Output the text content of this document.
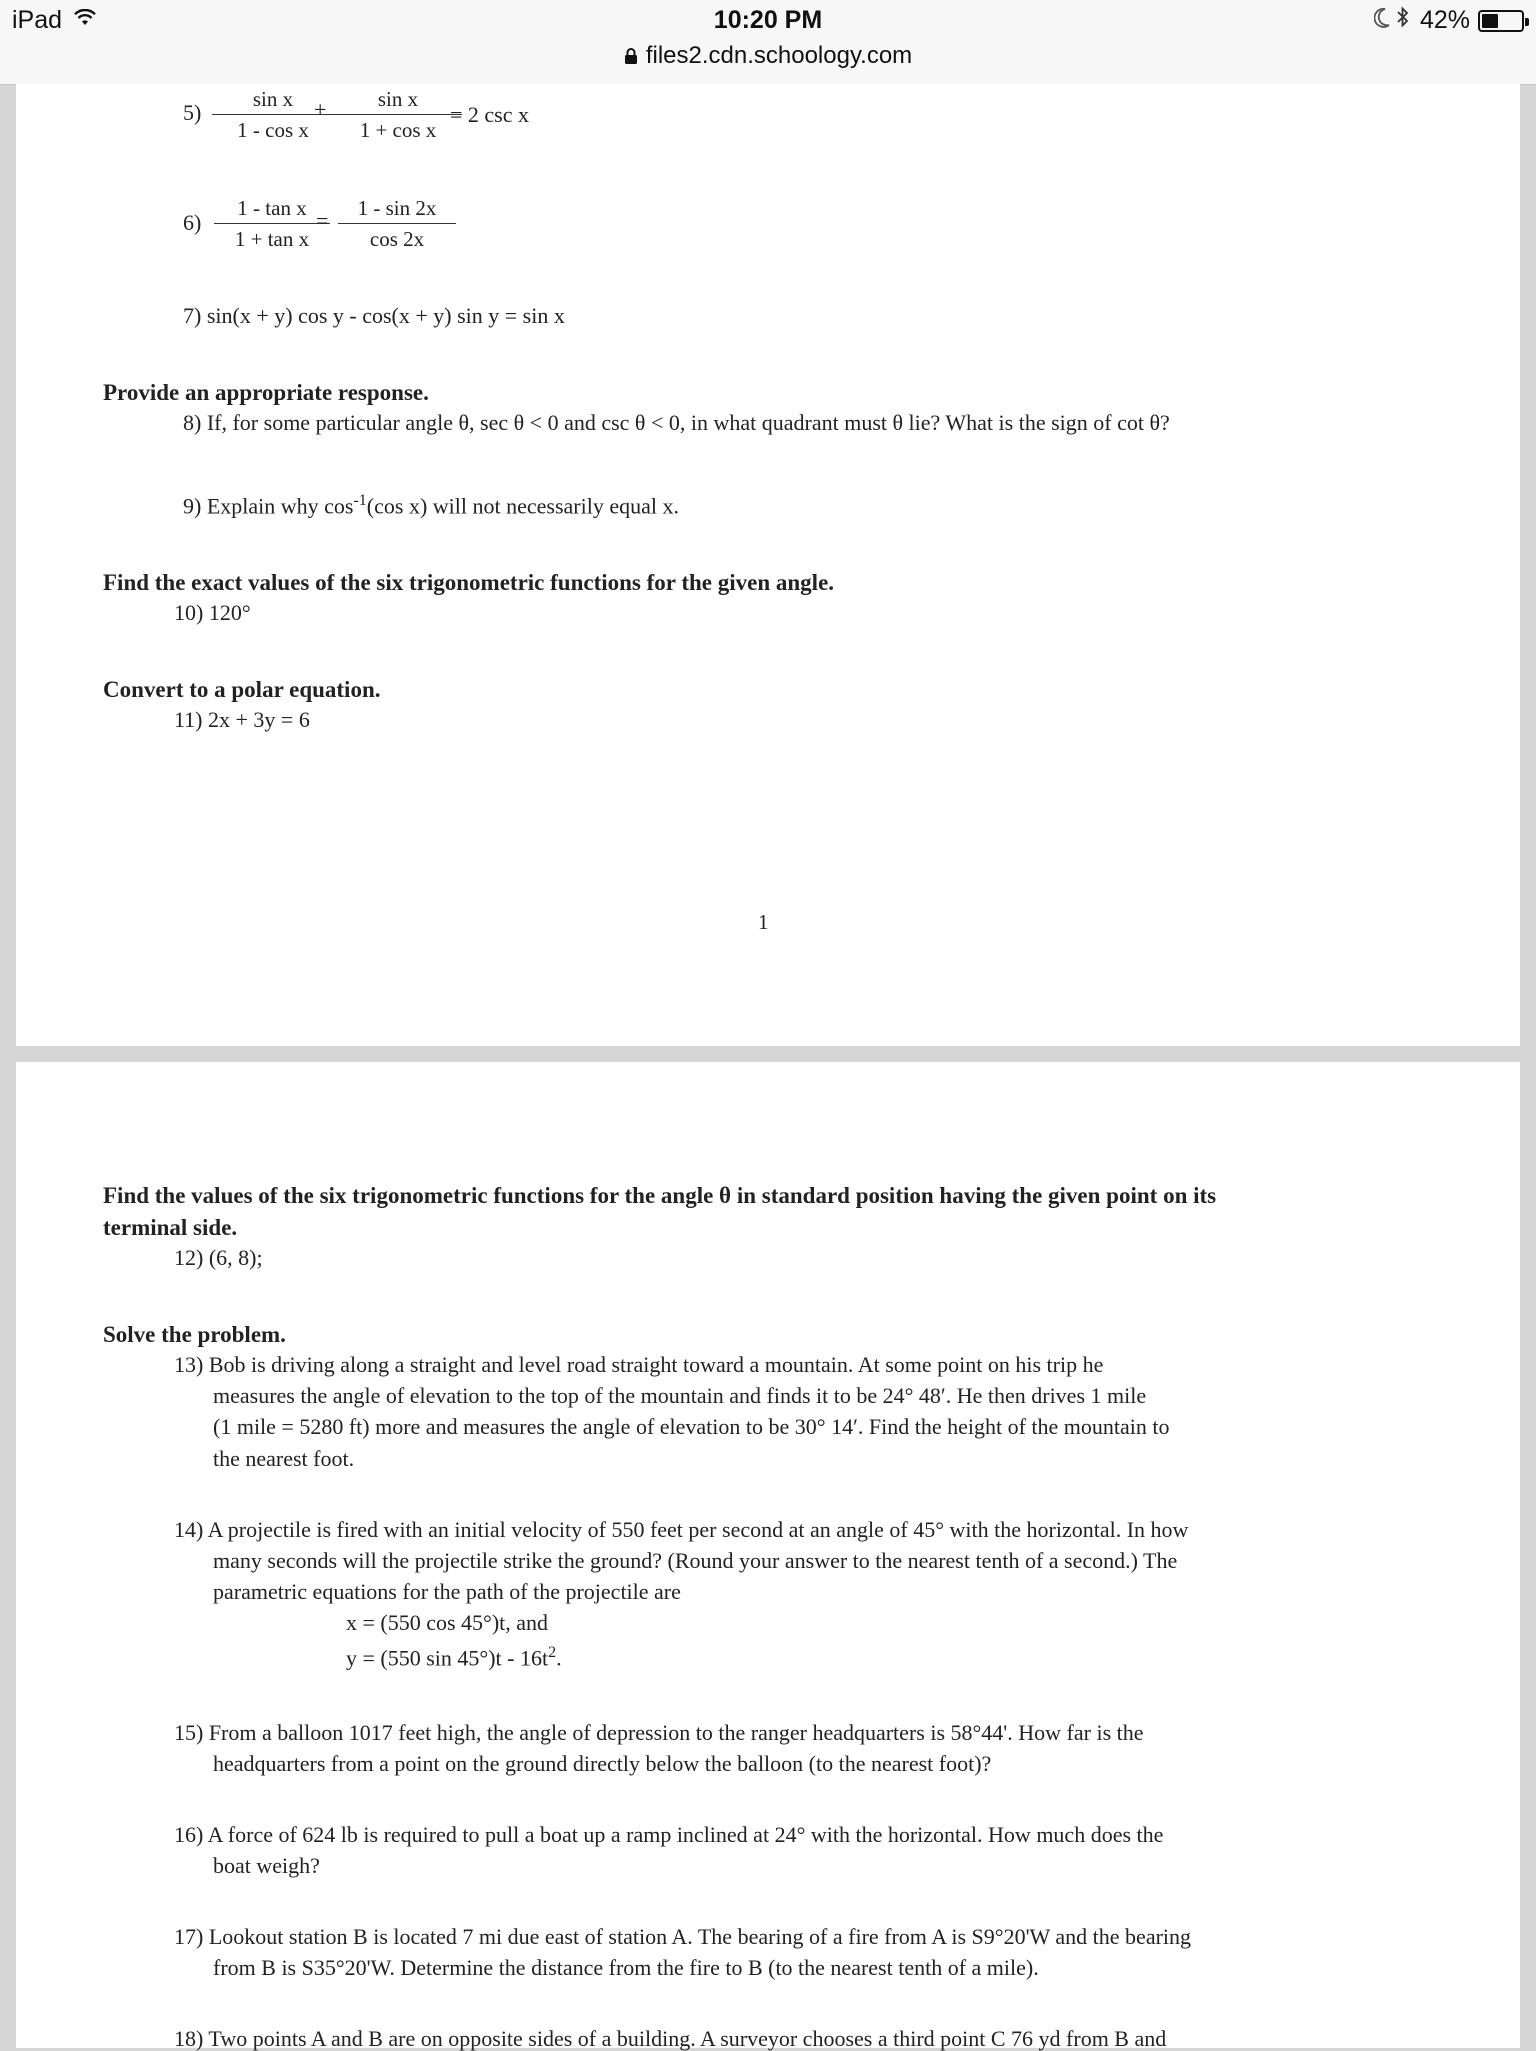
iPad	10:20 PM	42%
files2.cdn.schoology.com
$5) \frac{\text{sin x}}{\text{1 - cos x}}$
+ $\frac{\text{sin x}}{\text{1 + cos x}}$
= 2 csc x
$6) \frac{\text{1 - tan x}}{\text{1 + tan x}}$
= $\frac{1 - \sin 2x}{\cos 2x}$
7) sin(x + y) cos y - cos(x + y) sin y = sin x
Provide an appropriate response.
8) If, for some particular angle θ, sec θ < 0 and csc θ < 0, in what quadrant must θ lie? What is the sign of cot θ?
9) Explain why $\cos^{-1}(\cos$ x) will not necessarily equal x.
Find the exact values of the six trigonometric functions for the given angle.
10) 120°
Convert to a polar equation.
11) 2x + 3y = 6
1
Find the values of the six trigonometric functions for the angle θ in standard position having the given point on its
terminal side.
12) (6, 8);
Solve the problem.
13) Bob is driving along a straight and level road straight toward a mountain. At some point on his trip he
measures the angle of elevation to the top of the mountain and finds it to be 24° 48′. He then drives 1 mile
(1 mile = 5280 ft) more and measures the angle of elevation to be 30° 14′. Find the height of the mountain to
the nearest foot.
14) A projectile is fired with an initial velocity of 550 feet per second at an angle of 45° with the horizontal. In how
many seconds will the projectile strike the ground? (Round your answer to the nearest tenth of a second.) The
parametric equations for the path of the projectile are
x = (550 cos 45°)t, and
y = (550 $\sin 45^\circ)t - 16t^2$.
15) From a balloon 1017 feet high, the angle of depression to the ranger headquarters is 58°44'. How far is the
headquarters from a point on the ground directly below the balloon (to the nearest foot)?
16) A force of 624 lb is required to pull a boat up a ramp inclined at 24° with the horizontal. How much does the
boat weigh?
17) Lookout station B is located 7 mi due east of station A. The bearing of a fire from A is S9°20'W and the bearing
from B is S35°20'W. Determine the distance from the fire to B (to the nearest tenth of a mile).
18) Two points A and B are on opposite sides of a building. A surveyor chooses a third point C 76 yd from B and
